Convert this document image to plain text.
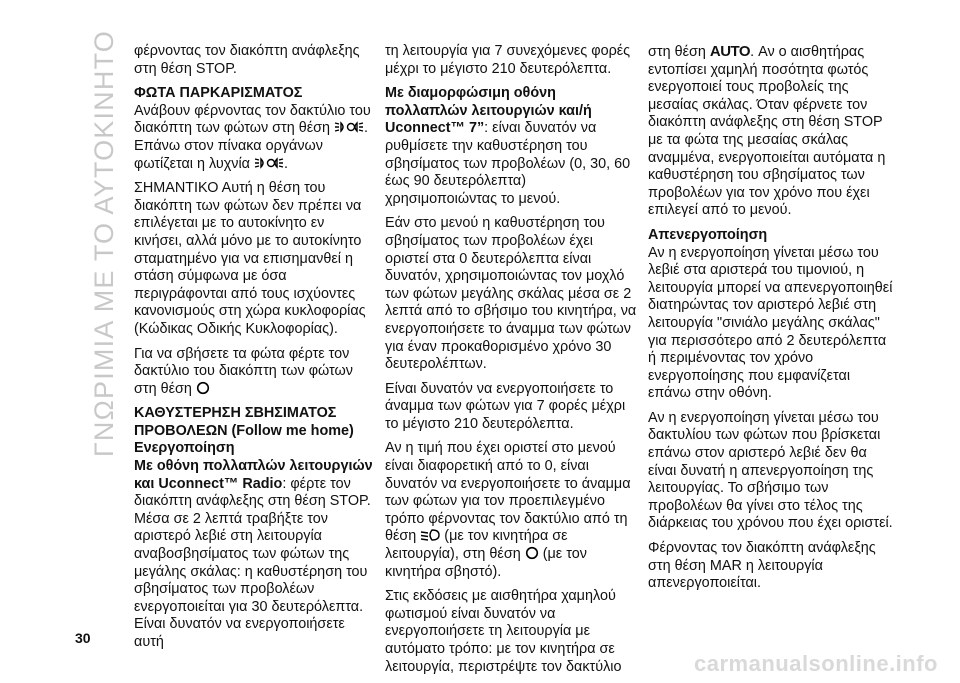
ΓΝΩΡΙΜΙΑ ΜΕ ΤΟ ΑΥΤΟΚΙΝΗΤΟ
30

φέρνοντας τον διακόπτη ανάφλεξης στη θέση STOP.

ΦΩΤΑ ΠΑΡΚΑΡΙΣΜΑΤΟΣ

Ανάβουν φέρνοντας τον δακτύλιο του διακόπτη των φώτων στη θέση . Επάνω στον πίνακα οργάνων φωτίζεται η λυχνία .

ΣΗΜΑΝΤΙΚΟ Αυτή η θέση του διακόπτη των φώτων δεν πρέπει να επιλέγεται με το αυτοκίνητο εν κινήσει, αλλά μόνο με το αυτοκίνητο σταματημένο για να επισημανθεί η στάση σύμφωνα με όσα περιγράφονται από τους ισχύοντες κανονισμούς στη χώρα κυκλοφορίας (Κώδικας Οδικής Κυκλοφορίας).

Για να σβήσετε τα φώτα φέρτε τον δακτύλιο του διακόπτη των φώτων στη θέση

ΚΑΘΥΣΤΕΡΗΣΗ ΣΒΗΣΙΜΑΤΟΣ ΠΡΟΒΟΛΕΩΝ (Follow me home)
Ενεργοποίηση

Με οθόνη πολλαπλών λειτουργιών και Uconnect™ Radio: φέρτε τον διακόπτη ανάφλεξης στη θέση STOP. Μέσα σε 2 λεπτά τραβήξτε τον αριστερό λεβιέ στη λειτουργία αναβοσβησίματος των φώτων της μεγάλης σκάλας: η καθυστέρηση του σβησίματος των προβολέων ενεργοποιείται για 30 δευτερόλεπτα. Είναι δυνατόν να ενεργοποιήσετε αυτή

τη λειτουργία για 7 συνεχόμενες φορές μέχρι το μέγιστο 210 δευτερόλεπτα.

Με διαμορφώσιμη οθόνη πολλαπλών λειτουργιών και/ή Uconnect™ 7”: είναι δυνατόν να ρυθμίσετε την καθυστέρηση του σβησίματος των προβολέων (0, 30, 60 έως 90 δευτερόλεπτα) χρησιμοποιώντας το μενού.

Εάν στο μενού η καθυστέρηση του σβησίματος των προβολέων έχει οριστεί στα 0 δευτερόλεπτα είναι δυνατόν, χρησιμοποιώντας τον μοχλό των φώτων μεγάλης σκάλας μέσα σε 2 λεπτά από το σβήσιμο του κινητήρα, να ενεργοποιήσετε το άναμμα των φώτων για έναν προκαθορισμένο χρόνο 30 δευτερολέπτων.

Είναι δυνατόν να ενεργοποιήσετε το άναμμα των φώτων για 7 φορές μέχρι το μέγιστο 210 δευτερόλεπτα.

Αν η τιμή που έχει οριστεί στο μενού είναι διαφορετική από το 0, είναι δυνατόν να ενεργοποιήσετε το άναμμα των φώτων για τον προεπιλεγμένο τρόπο φέρνοντας τον δακτύλιο από τη θέση  (με τον κινητήρα σε λειτουργία), στη θέση  (με τον κινητήρα σβηστό).

Στις εκδόσεις με αισθητήρα χαμηλού φωτισμού είναι δυνατόν να ενεργοποιήσετε τη λειτουργία με αυτόματο τρόπο: με τον κινητήρα σε λειτουργία, περιστρέψτε τον δακτύλιο

στη θέση AUTO. Αν ο αισθητήρας εντοπίσει χαμηλή ποσότητα φωτός ενεργοποιεί τους προβολείς της μεσαίας σκάλας. Όταν φέρνετε τον διακόπτη ανάφλεξης στη θέση STOP με τα φώτα της μεσαίας σκάλας αναμμένα, ενεργοποιείται αυτόματα η καθυστέρηση του σβησίματος των προβολέων για τον χρόνο που έχει επιλεγεί από το μενού.

Απενεργοποίηση

Αν η ενεργοποίηση γίνεται μέσω του λεβιέ στα αριστερά του τιμονιού, η λειτουργία μπορεί να απενεργοποιηθεί διατηρώντας τον αριστερό λεβιέ στη λειτουργία "σινιάλο μεγάλης σκάλας" για περισσότερο από 2 δευτερόλεπτα ή περιμένοντας τον χρόνο ενεργοποίησης που εμφανίζεται επάνω στην οθόνη.

Αν η ενεργοποίηση γίνεται μέσω του δακτυλίου των φώτων που βρίσκεται επάνω στον αριστερό λεβιέ δεν θα είναι δυνατή η απενεργοποίηση της λειτουργίας. Το σβήσιμο των προβολέων θα γίνει στο τέλος της διάρκειας του χρόνου που έχει οριστεί.

Φέρνοντας τον διακόπτη ανάφλεξης στη θέση MAR η λειτουργία απενεργοποιείται.

carmanualsonline.info
